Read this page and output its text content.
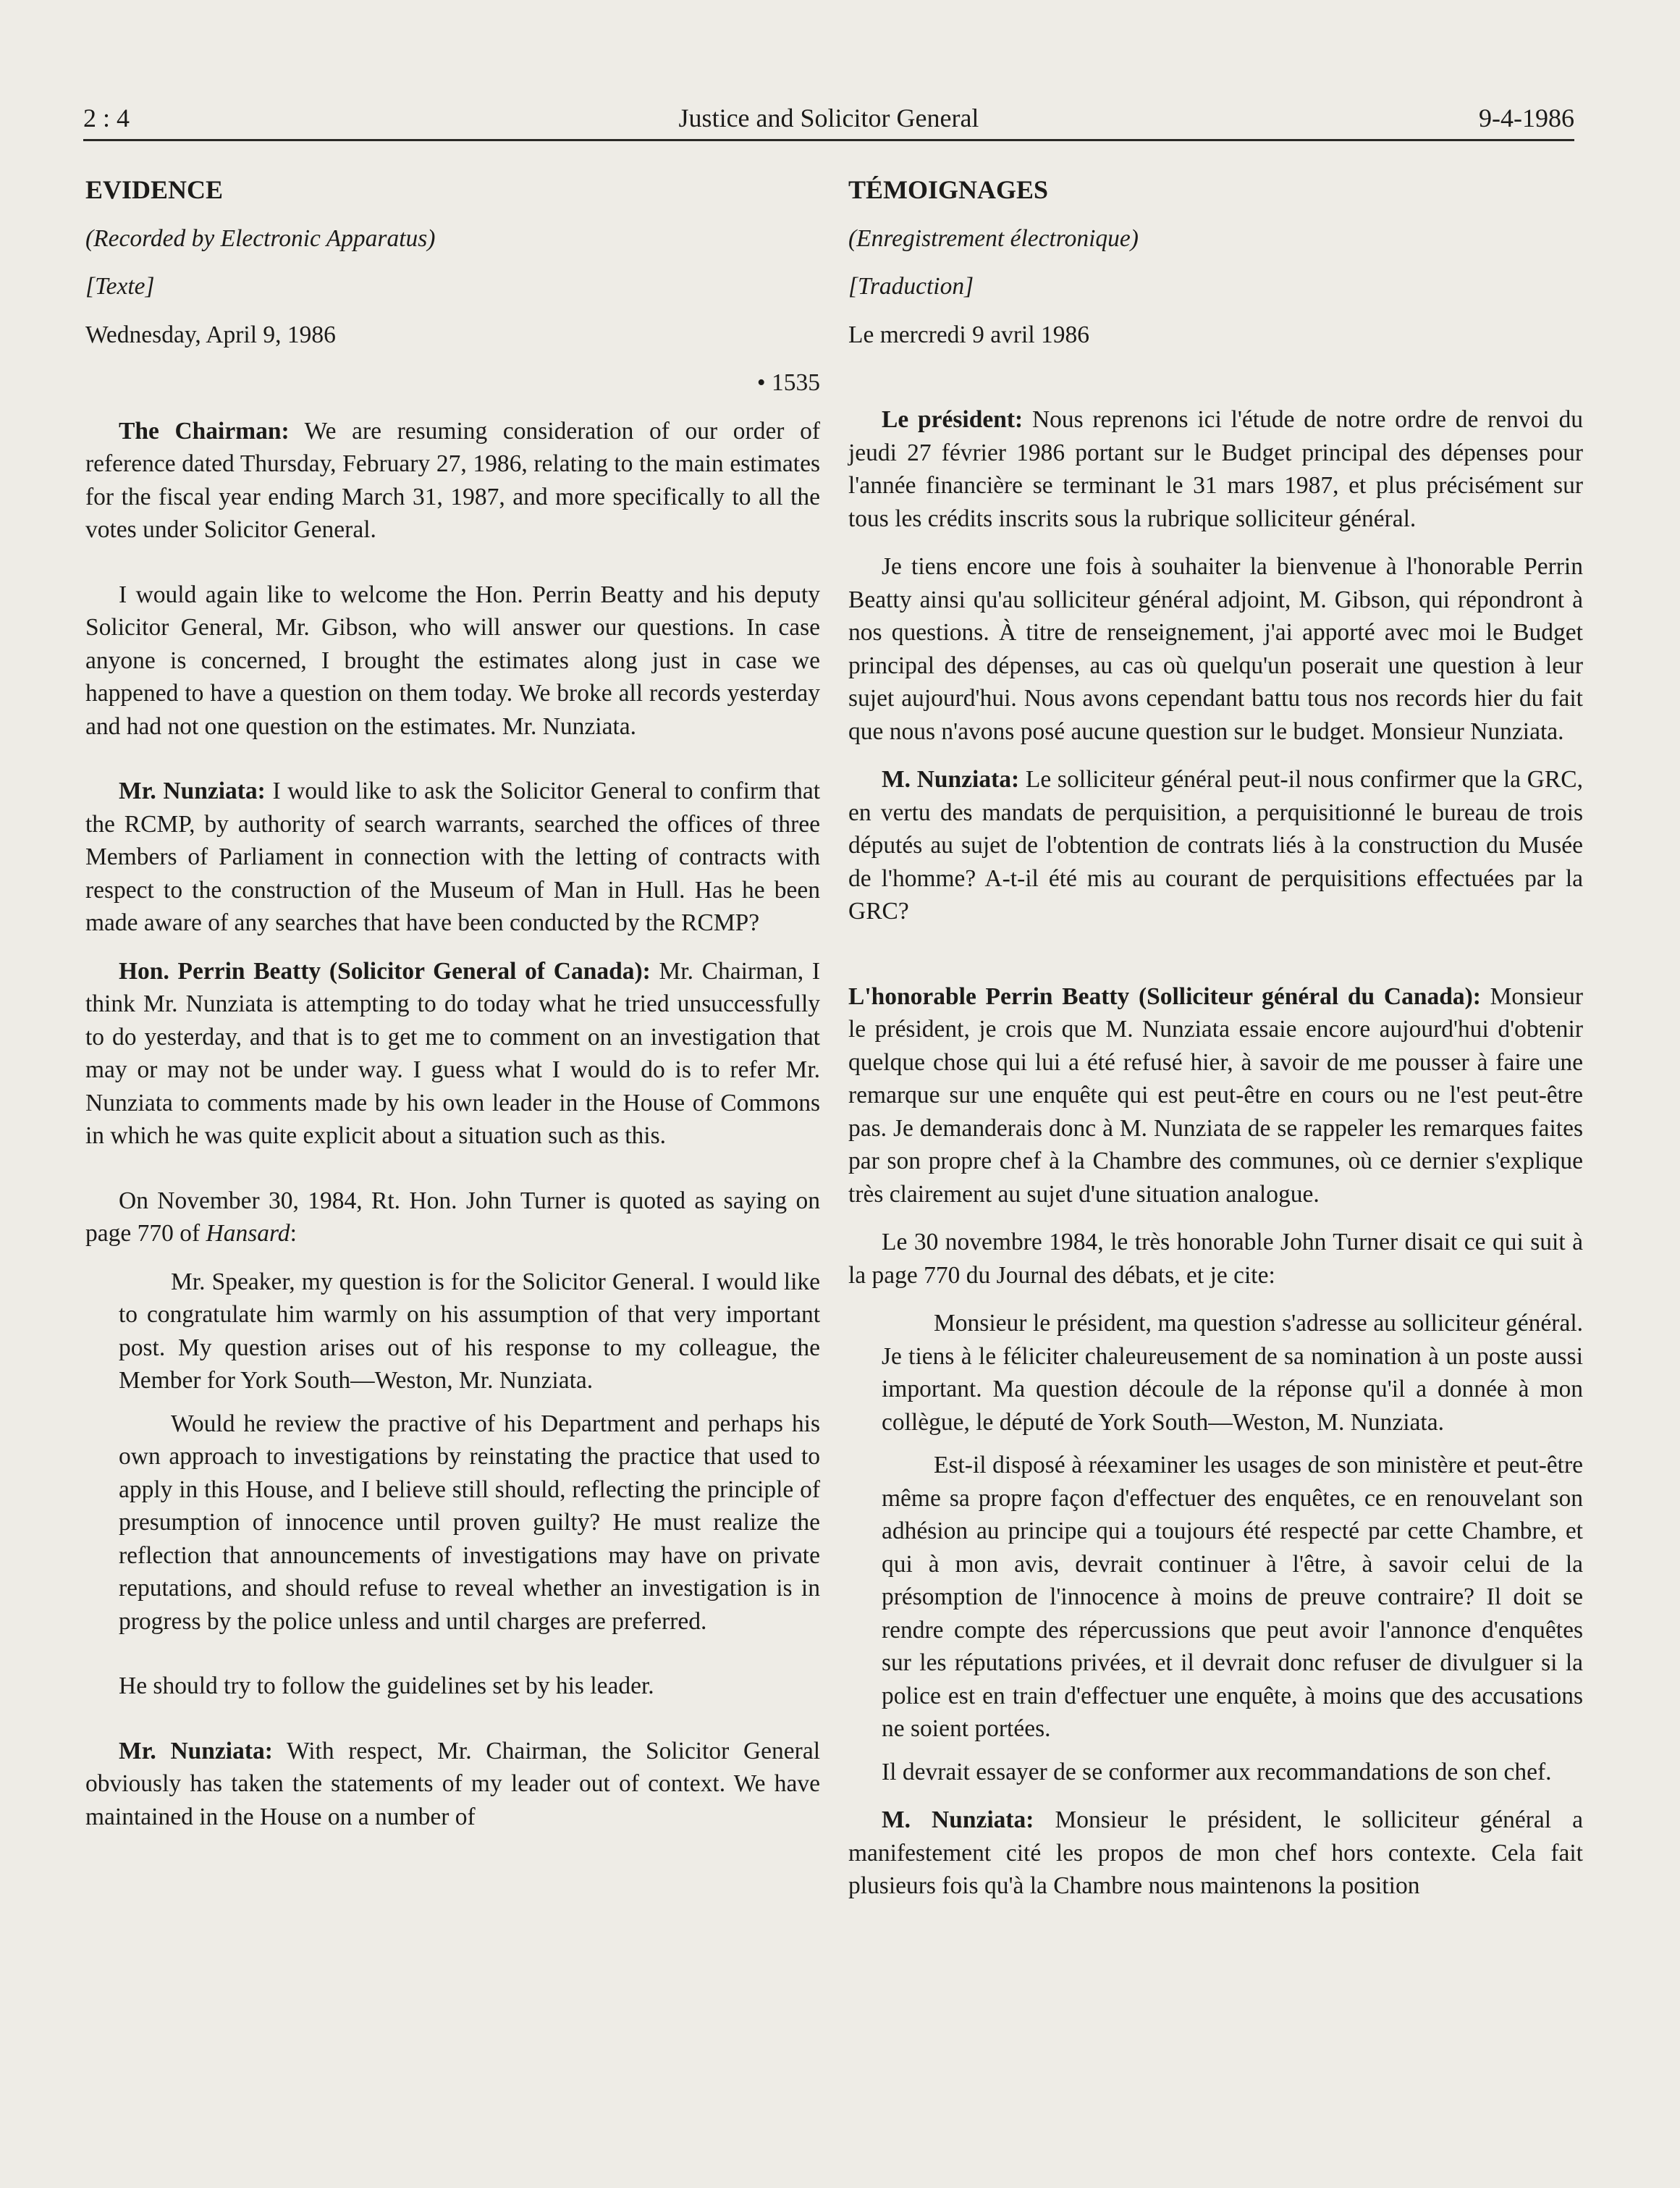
2 : 4	Justice and Solicitor General	9-4-1986

EVIDENCE

(Recorded by Electronic Apparatus)

[Texte]

Wednesday, April 9, 1986

• 1535

The Chairman: We are resuming consideration of our order of reference dated Thursday, February 27, 1986, relating to the main estimates for the fiscal year ending March 31, 1987, and more specifically to all the votes under Solicitor General.

I would again like to welcome the Hon. Perrin Beatty and his deputy Solicitor General, Mr. Gibson, who will answer our questions. In case anyone is concerned, I brought the estimates along just in case we happened to have a question on them today. We broke all records yesterday and had not one question on the estimates. Mr. Nunziata.

Mr. Nunziata: I would like to ask the Solicitor General to confirm that the RCMP, by authority of search warrants, searched the offices of three Members of Parliament in connection with the letting of contracts with respect to the construction of the Museum of Man in Hull. Has he been made aware of any searches that have been conducted by the RCMP?

Hon. Perrin Beatty (Solicitor General of Canada): Mr. Chairman, I think Mr. Nunziata is attempting to do today what he tried unsuccessfully to do yesterday, and that is to get me to comment on an investigation that may or may not be under way. I guess what I would do is to refer Mr. Nunziata to comments made by his own leader in the House of Commons in which he was quite explicit about a situation such as this.

On November 30, 1984, Rt. Hon. John Turner is quoted as saying on page 770 of Hansard:

Mr. Speaker, my question is for the Solicitor General. I would like to congratulate him warmly on his assumption of that very important post. My question arises out of his response to my colleague, the Member for York South—Weston, Mr. Nunziata.

Would he review the practive of his Department and perhaps his own approach to investigations by reinstating the practice that used to apply in this House, and I believe still should, reflecting the principle of presumption of innocence until proven guilty? He must realize the reflection that announcements of investigations may have on private reputations, and should refuse to reveal whether an investigation is in progress by the police unless and until charges are preferred.

He should try to follow the guidelines set by his leader.

Mr. Nunziata: With respect, Mr. Chairman, the Solicitor General obviously has taken the statements of my leader out of context. We have maintained in the House on a number of

TÉMOIGNAGES

(Enregistrement électronique)

[Traduction]

Le mercredi 9 avril 1986

Le président: Nous reprenons ici l'étude de notre ordre de renvoi du jeudi 27 février 1986 portant sur le Budget principal des dépenses pour l'année financière se terminant le 31 mars 1987, et plus précisément sur tous les crédits inscrits sous la rubrique solliciteur général.

Je tiens encore une fois à souhaiter la bienvenue à l'honorable Perrin Beatty ainsi qu'au solliciteur général adjoint, M. Gibson, qui répondront à nos questions. À titre de renseignement, j'ai apporté avec moi le Budget principal des dépenses, au cas où quelqu'un poserait une question à leur sujet aujourd'hui. Nous avons cependant battu tous nos records hier du fait que nous n'avons posé aucune question sur le budget. Monsieur Nunziata.

M. Nunziata: Le solliciteur général peut-il nous confirmer que la GRC, en vertu des mandats de perquisition, a perquisitionné le bureau de trois députés au sujet de l'obtention de contrats liés à la construction du Musée de l'homme? A-t-il été mis au courant de perquisitions effectuées par la GRC?

L'honorable Perrin Beatty (Solliciteur général du Canada): Monsieur le président, je crois que M. Nunziata essaie encore aujourd'hui d'obtenir quelque chose qui lui a été refusé hier, à savoir de me pousser à faire une remarque sur une enquête qui est peut-être en cours ou ne l'est peut-être pas. Je demanderais donc à M. Nunziata de se rappeler les remarques faites par son propre chef à la Chambre des communes, où ce dernier s'explique très clairement au sujet d'une situation analogue.

Le 30 novembre 1984, le très honorable John Turner disait ce qui suit à la page 770 du Journal des débats, et je cite:

Monsieur le président, ma question s'adresse au solliciteur général. Je tiens à le féliciter chaleureusement de sa nomination à un poste aussi important. Ma question découle de la réponse qu'il a donnée à mon collègue, le député de York South—Weston, M. Nunziata.

Est-il disposé à réexaminer les usages de son ministère et peut-être même sa propre façon d'effectuer des enquêtes, ce en renouvelant son adhésion au principe qui a toujours été respecté par cette Chambre, et qui à mon avis, devrait continuer à l'être, à savoir celui de la présomption de l'innocence à moins de preuve contraire? Il doit se rendre compte des répercussions que peut avoir l'annonce d'enquêtes sur les réputations privées, et il devrait donc refuser de divulguer si la police est en train d'effectuer une enquête, à moins que des accusations ne soient portées.

Il devrait essayer de se conformer aux recommandations de son chef.

M. Nunziata: Monsieur le président, le solliciteur général a manifestement cité les propos de mon chef hors contexte. Cela fait plusieurs fois qu'à la Chambre nous maintenons la position
